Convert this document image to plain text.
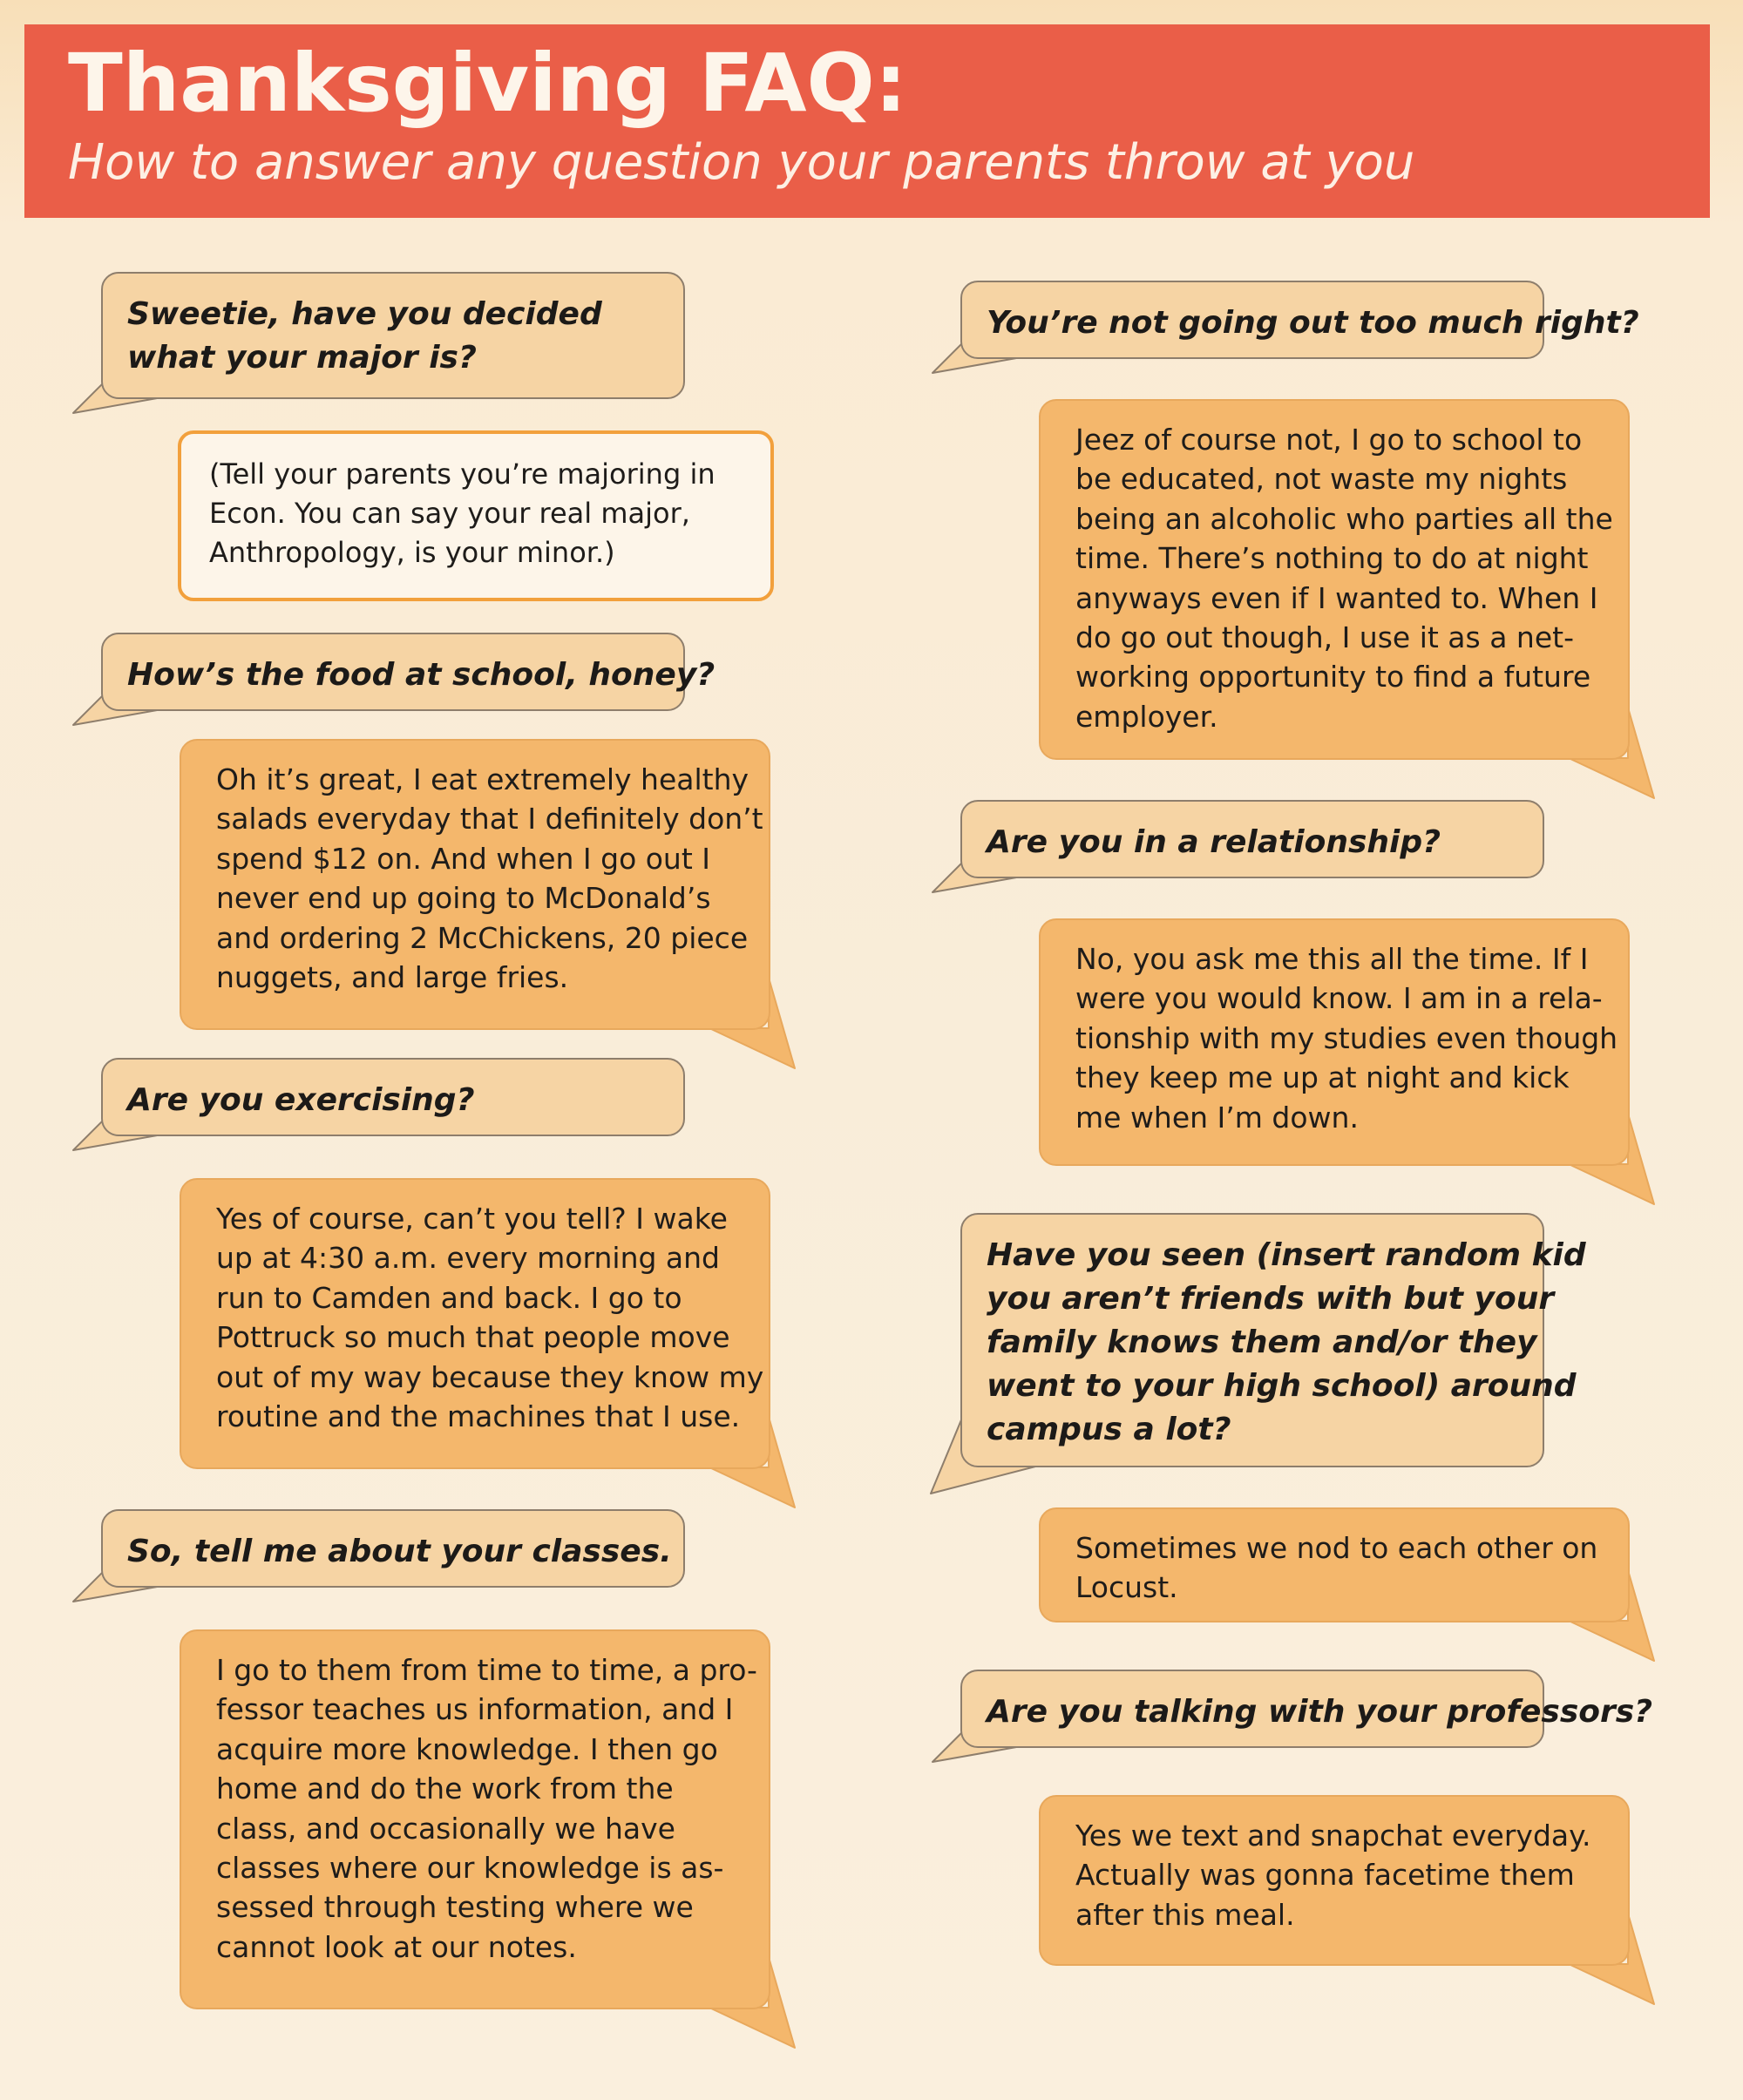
Thanksgiving FAQ:

How to answer any question your parents throw at you

Sweetie, have you decided
what your major is?
(Tell your parents you’re majoring in
Econ. You can say your real major,
Anthropology, is your minor.)
How’s the food at school, honey?
Oh it’s great, I eat extremely healthy
salads everyday that I definitely don’t
spend $12 on. And when I go out I
never end up going to McDonald’s
and ordering 2 McChickens, 20 piece
nuggets, and large fries.
Are you exercising?
Yes of course, can’t you tell? I wake
up at 4:30 a.m. every morning and
run to Camden and back. I go to
Pottruck so much that people move
out of my way because they know my
routine and the machines that I use.
So, tell me about your classes.
I go to them from time to time, a pro-
fessor teaches us information, and I
acquire more knowledge. I then go
home and do the work from the
class, and occasionally we have
classes where our knowledge is as-
sessed through testing where we
cannot look at our notes.
You’re not going out too much right?
Jeez of course not, I go to school to
be educated, not waste my nights
being an alcoholic who parties all the
time. There’s nothing to do at night
anyways even if I wanted to. When I
do go out though, I use it as a net-
working opportunity to find a future
employer.
Are you in a relationship?
No, you ask me this all the time. If I
were you would know. I am in a rela-
tionship with my studies even though
they keep me up at night and kick
me when I’m down.
Have you seen (insert random kid
you aren’t friends with but your
family knows them and/or they
went to your high school) around
campus a lot?
Sometimes we nod to each other on
Locust.
Are you talking with your professors?
Yes we text and snapchat everyday.
Actually was gonna facetime them
after this meal.
